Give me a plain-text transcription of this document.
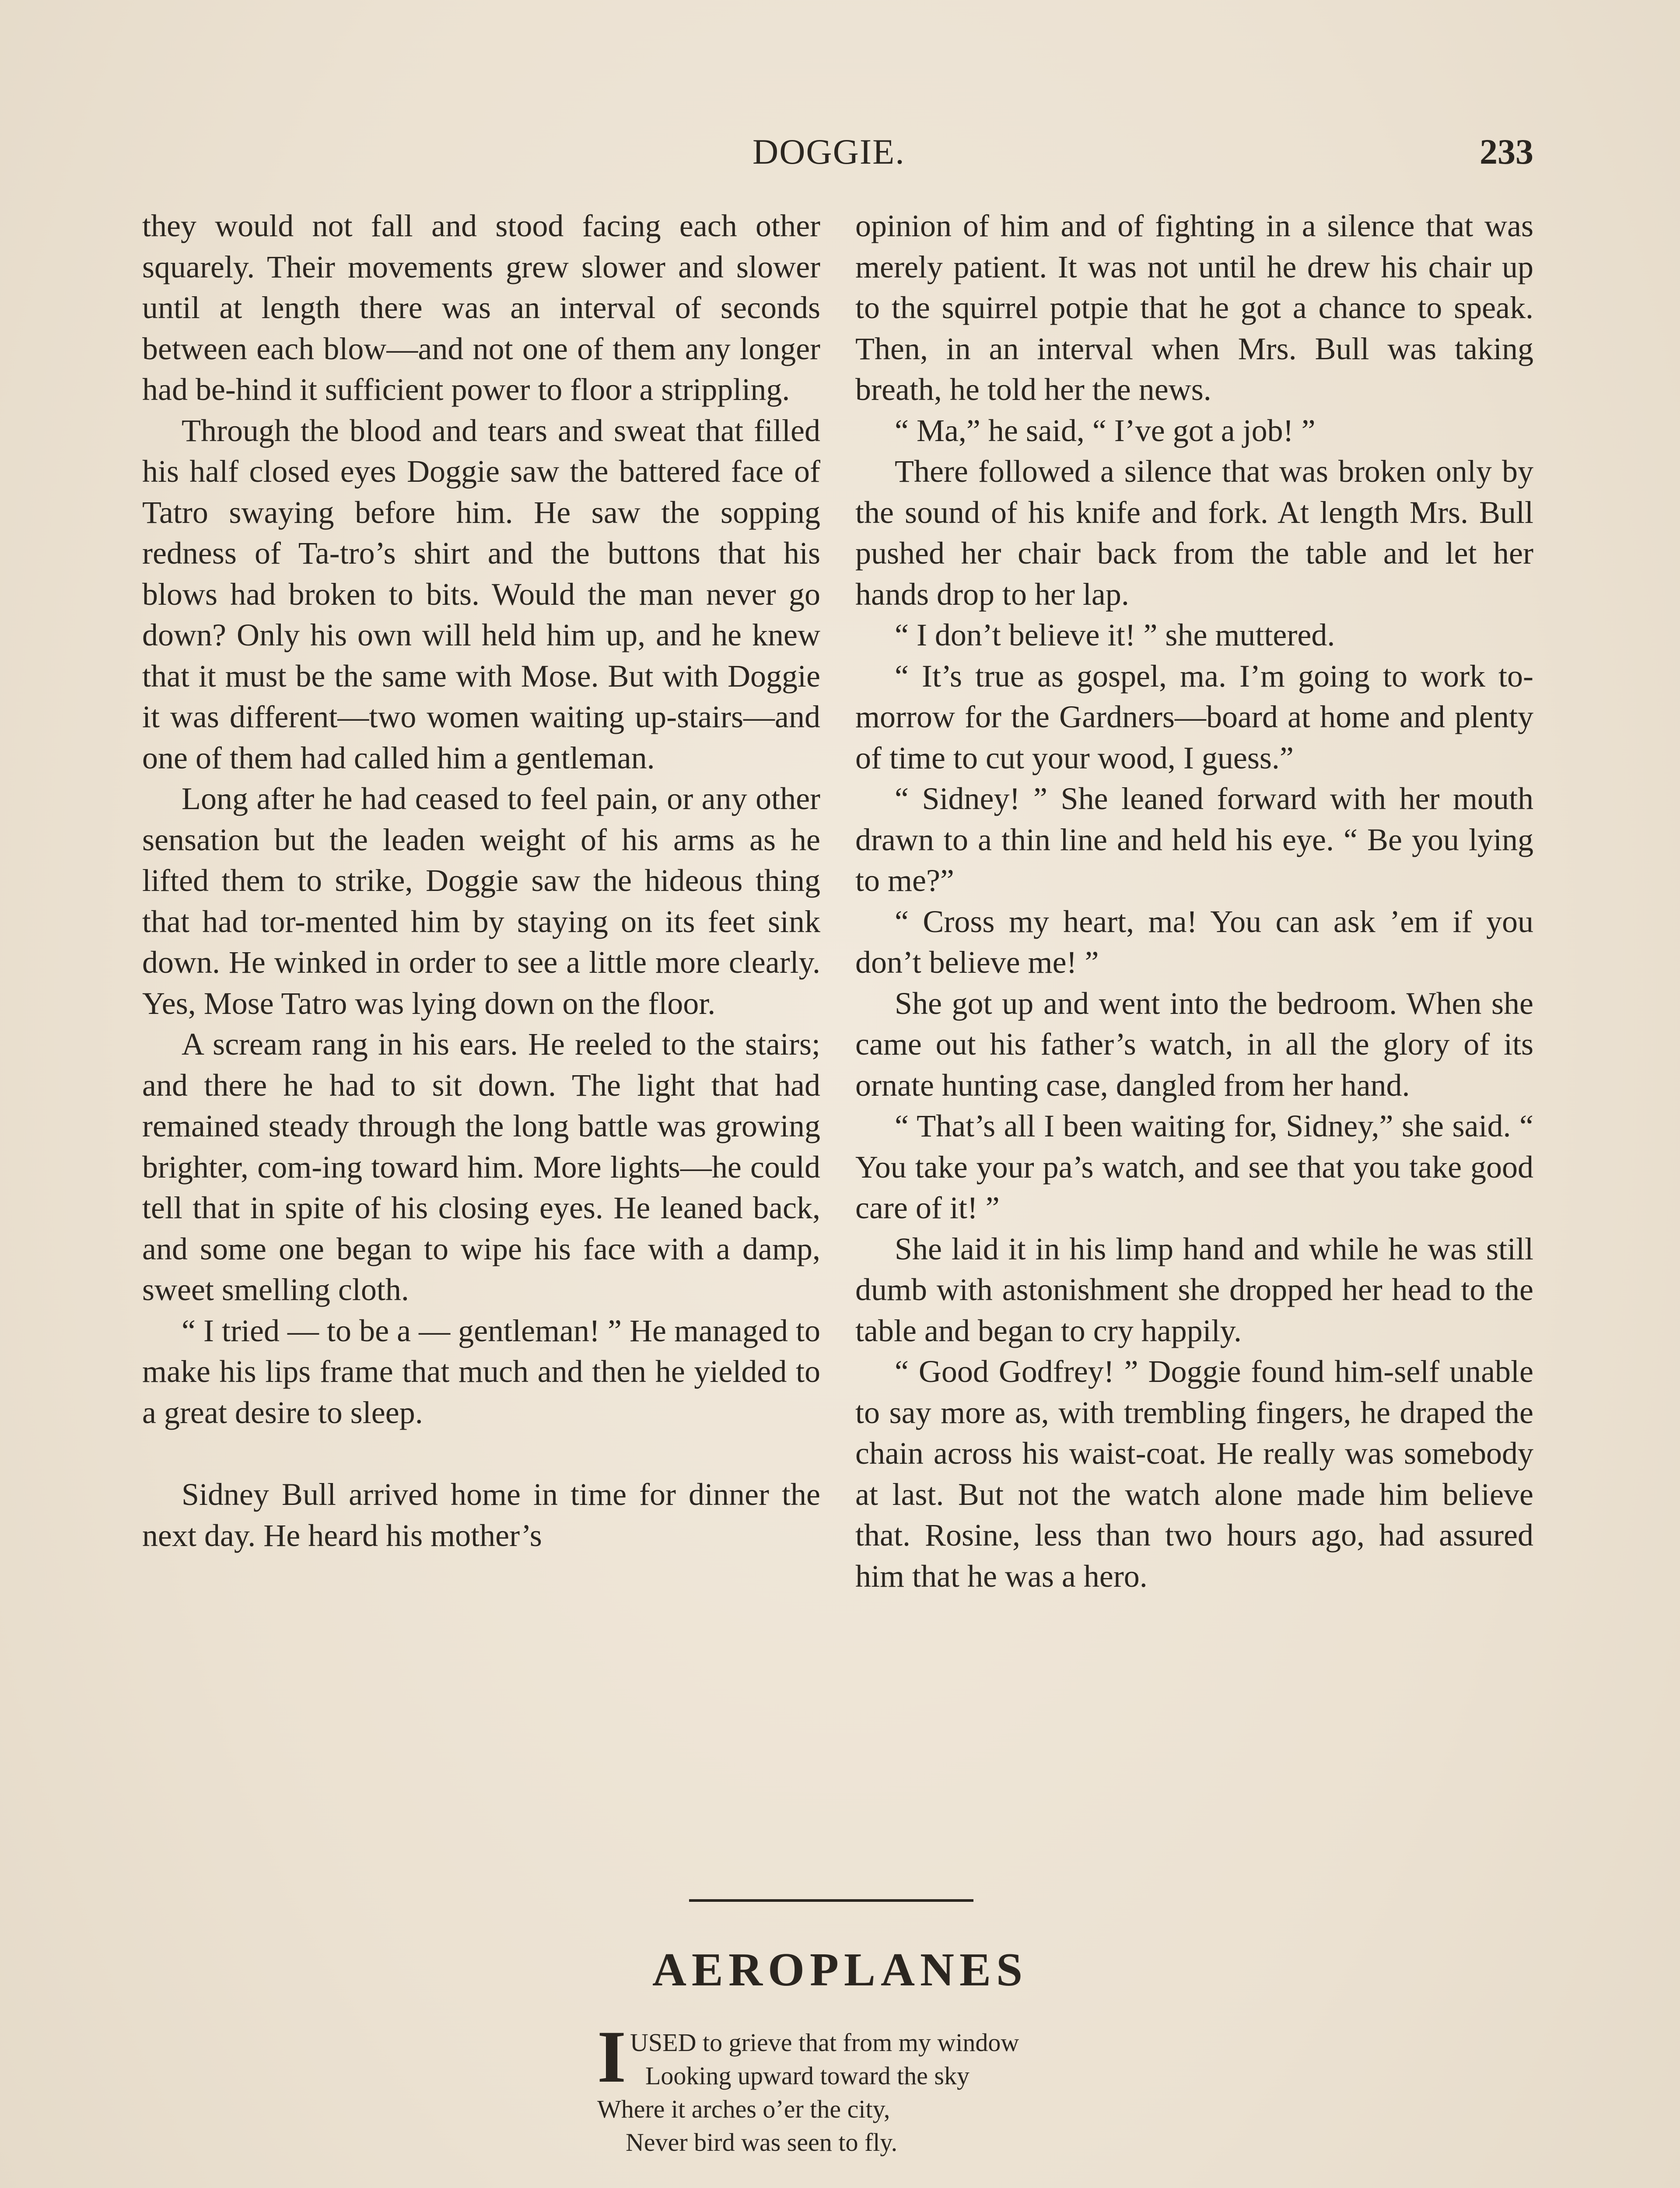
DOGGIE.	233

they would not fall and stood facing each other squarely. Their movements grew slower and slower until at length there was an interval of seconds between each blow—and not one of them any longer had be-hind it sufficient power to floor a strippling.

Through the blood and tears and sweat that filled his half closed eyes Doggie saw the battered face of Tatro swaying before him. He saw the sopping redness of Ta-tro’s shirt and the buttons that his blows had broken to bits. Would the man never go down? Only his own will held him up, and he knew that it must be the same with Mose. But with Doggie it was different—two women waiting up-stairs—and one of them had called him a gentleman.

Long after he had ceased to feel pain, or any other sensation but the leaden weight of his arms as he lifted them to strike, Doggie saw the hideous thing that had tor-mented him by staying on its feet sink down. He winked in order to see a little more clearly. Yes, Mose Tatro was lying down on the floor.

A scream rang in his ears. He reeled to the stairs; and there he had to sit down. The light that had remained steady through the long battle was growing brighter, com-ing toward him. More lights—he could tell that in spite of his closing eyes. He leaned back, and some one began to wipe his face with a damp, sweet smelling cloth.

“ I tried — to be a — gentleman! ” He managed to make his lips frame that much and then he yielded to a great desire to sleep.

Sidney Bull arrived home in time for dinner the next day. He heard his mother’s

opinion of him and of fighting in a silence that was merely patient. It was not until he drew his chair up to the squirrel potpie that he got a chance to speak. Then, in an interval when Mrs. Bull was taking breath, he told her the news.

“ Ma,” he said, “ I’ve got a job! ”

There followed a silence that was broken only by the sound of his knife and fork. At length Mrs. Bull pushed her chair back from the table and let her hands drop to her lap.

“ I don’t believe it! ” she muttered.

“ It’s true as gospel, ma. I’m going to work to-morrow for the Gardners—board at home and plenty of time to cut your wood, I guess.”

“ Sidney! ” She leaned forward with her mouth drawn to a thin line and held his eye. “ Be you lying to me?”

“ Cross my heart, ma! You can ask ’em if you don’t believe me! ”

She got up and went into the bedroom. When she came out his father’s watch, in all the glory of its ornate hunting case, dangled from her hand.

“ That’s all I been waiting for, Sidney,” she said. “ You take your pa’s watch, and see that you take good care of it! ”

She laid it in his limp hand and while he was still dumb with astonishment she dropped her head to the table and began to cry happily.

“ Good Godfrey! ” Doggie found him-self unable to say more as, with trembling fingers, he draped the chain across his waist-coat. He really was somebody at last. But not the watch alone made him believe that. Rosine, less than two hours ago, had assured him that he was a hero.

AEROPLANES
I USED to grieve that from my window
Looking upward toward the sky
Where it arches o’er the city,
Never bird was seen to fly.
